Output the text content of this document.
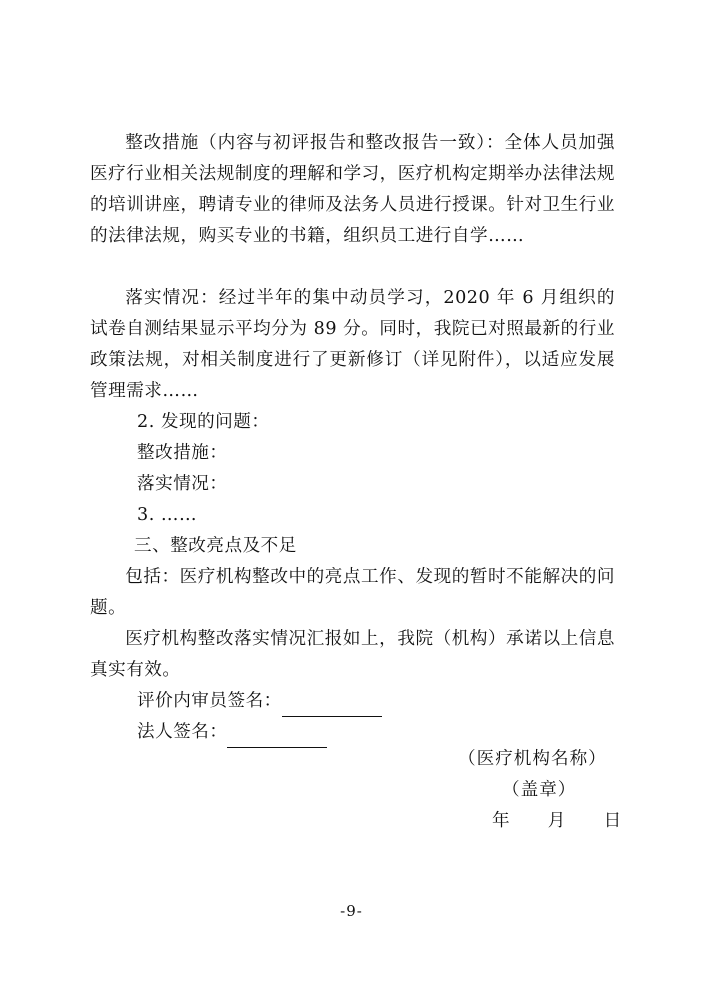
整改措施（内容与初评报告和整改报告一致）：全体人员加强医疗行业相关法规制度的理解和学习，医疗机构定期举办法律法规的培训讲座，聘请专业的律师及法务人员进行授课。针对卫生行业的法律法规，购买专业的书籍，组织员工进行自学……

落实情况：经过半年的集中动员学习，2020 年 6 月组织的试卷自测结果显示平均分为 89 分。同时，我院已对照最新的行业政策法规，对相关制度进行了更新修订（详见附件），以适应发展管理需求……

2. 发现的问题：
整改措施：
落实情况：
3. ……
三、整改亮点及不足

包括：医疗机构整改中的亮点工作、发现的暂时不能解决的问题。

医疗机构整改落实情况汇报如上，我院（机构）承诺以上信息真实有效。

评价内审员签名：
法人签名：
（医疗机构名称）
（盖章）
年　　月　　日
-9-
